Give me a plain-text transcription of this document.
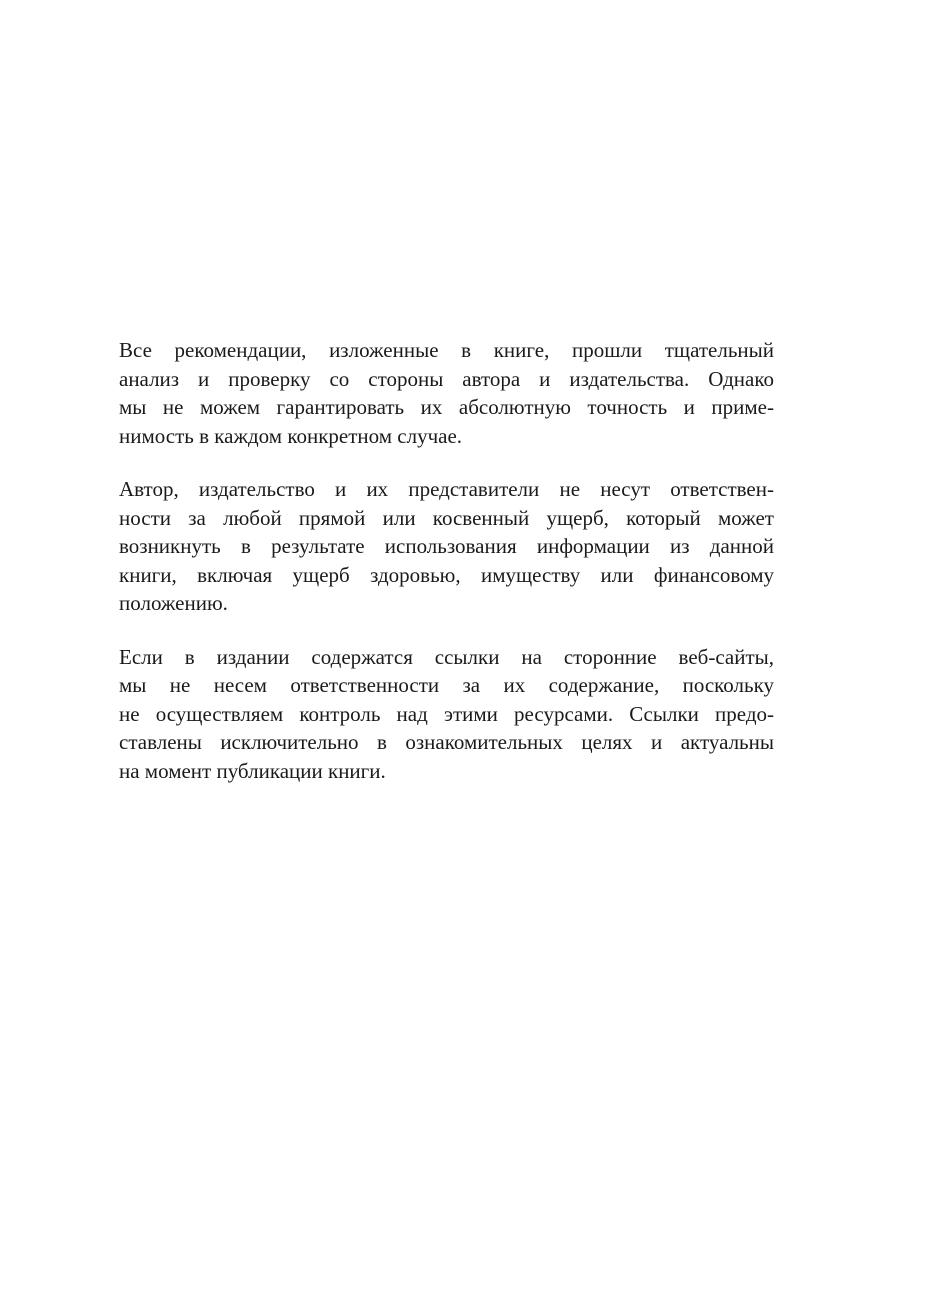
Все рекомендации, изложенные в книге, прошли тщательный
анализ и проверку со стороны автора и издательства. Однако
мы не можем гарантировать их абсолютную точность и приме-
нимость в каждом конкретном случае.

Автор, издательство и их представители не несут ответствен-
ности за любой прямой или косвенный ущерб, который может
возникнуть в результате использования информации из данной
книги, включая ущерб здоровью, имуществу или финансовому
положению.

Если в издании содержатся ссылки на сторонние веб-сайты,
мы не несем ответственности за их содержание, поскольку
не осуществляем контроль над этими ресурсами. Ссылки предо-
ставлены исключительно в ознакомительных целях и актуальны
на момент публикации книги.
